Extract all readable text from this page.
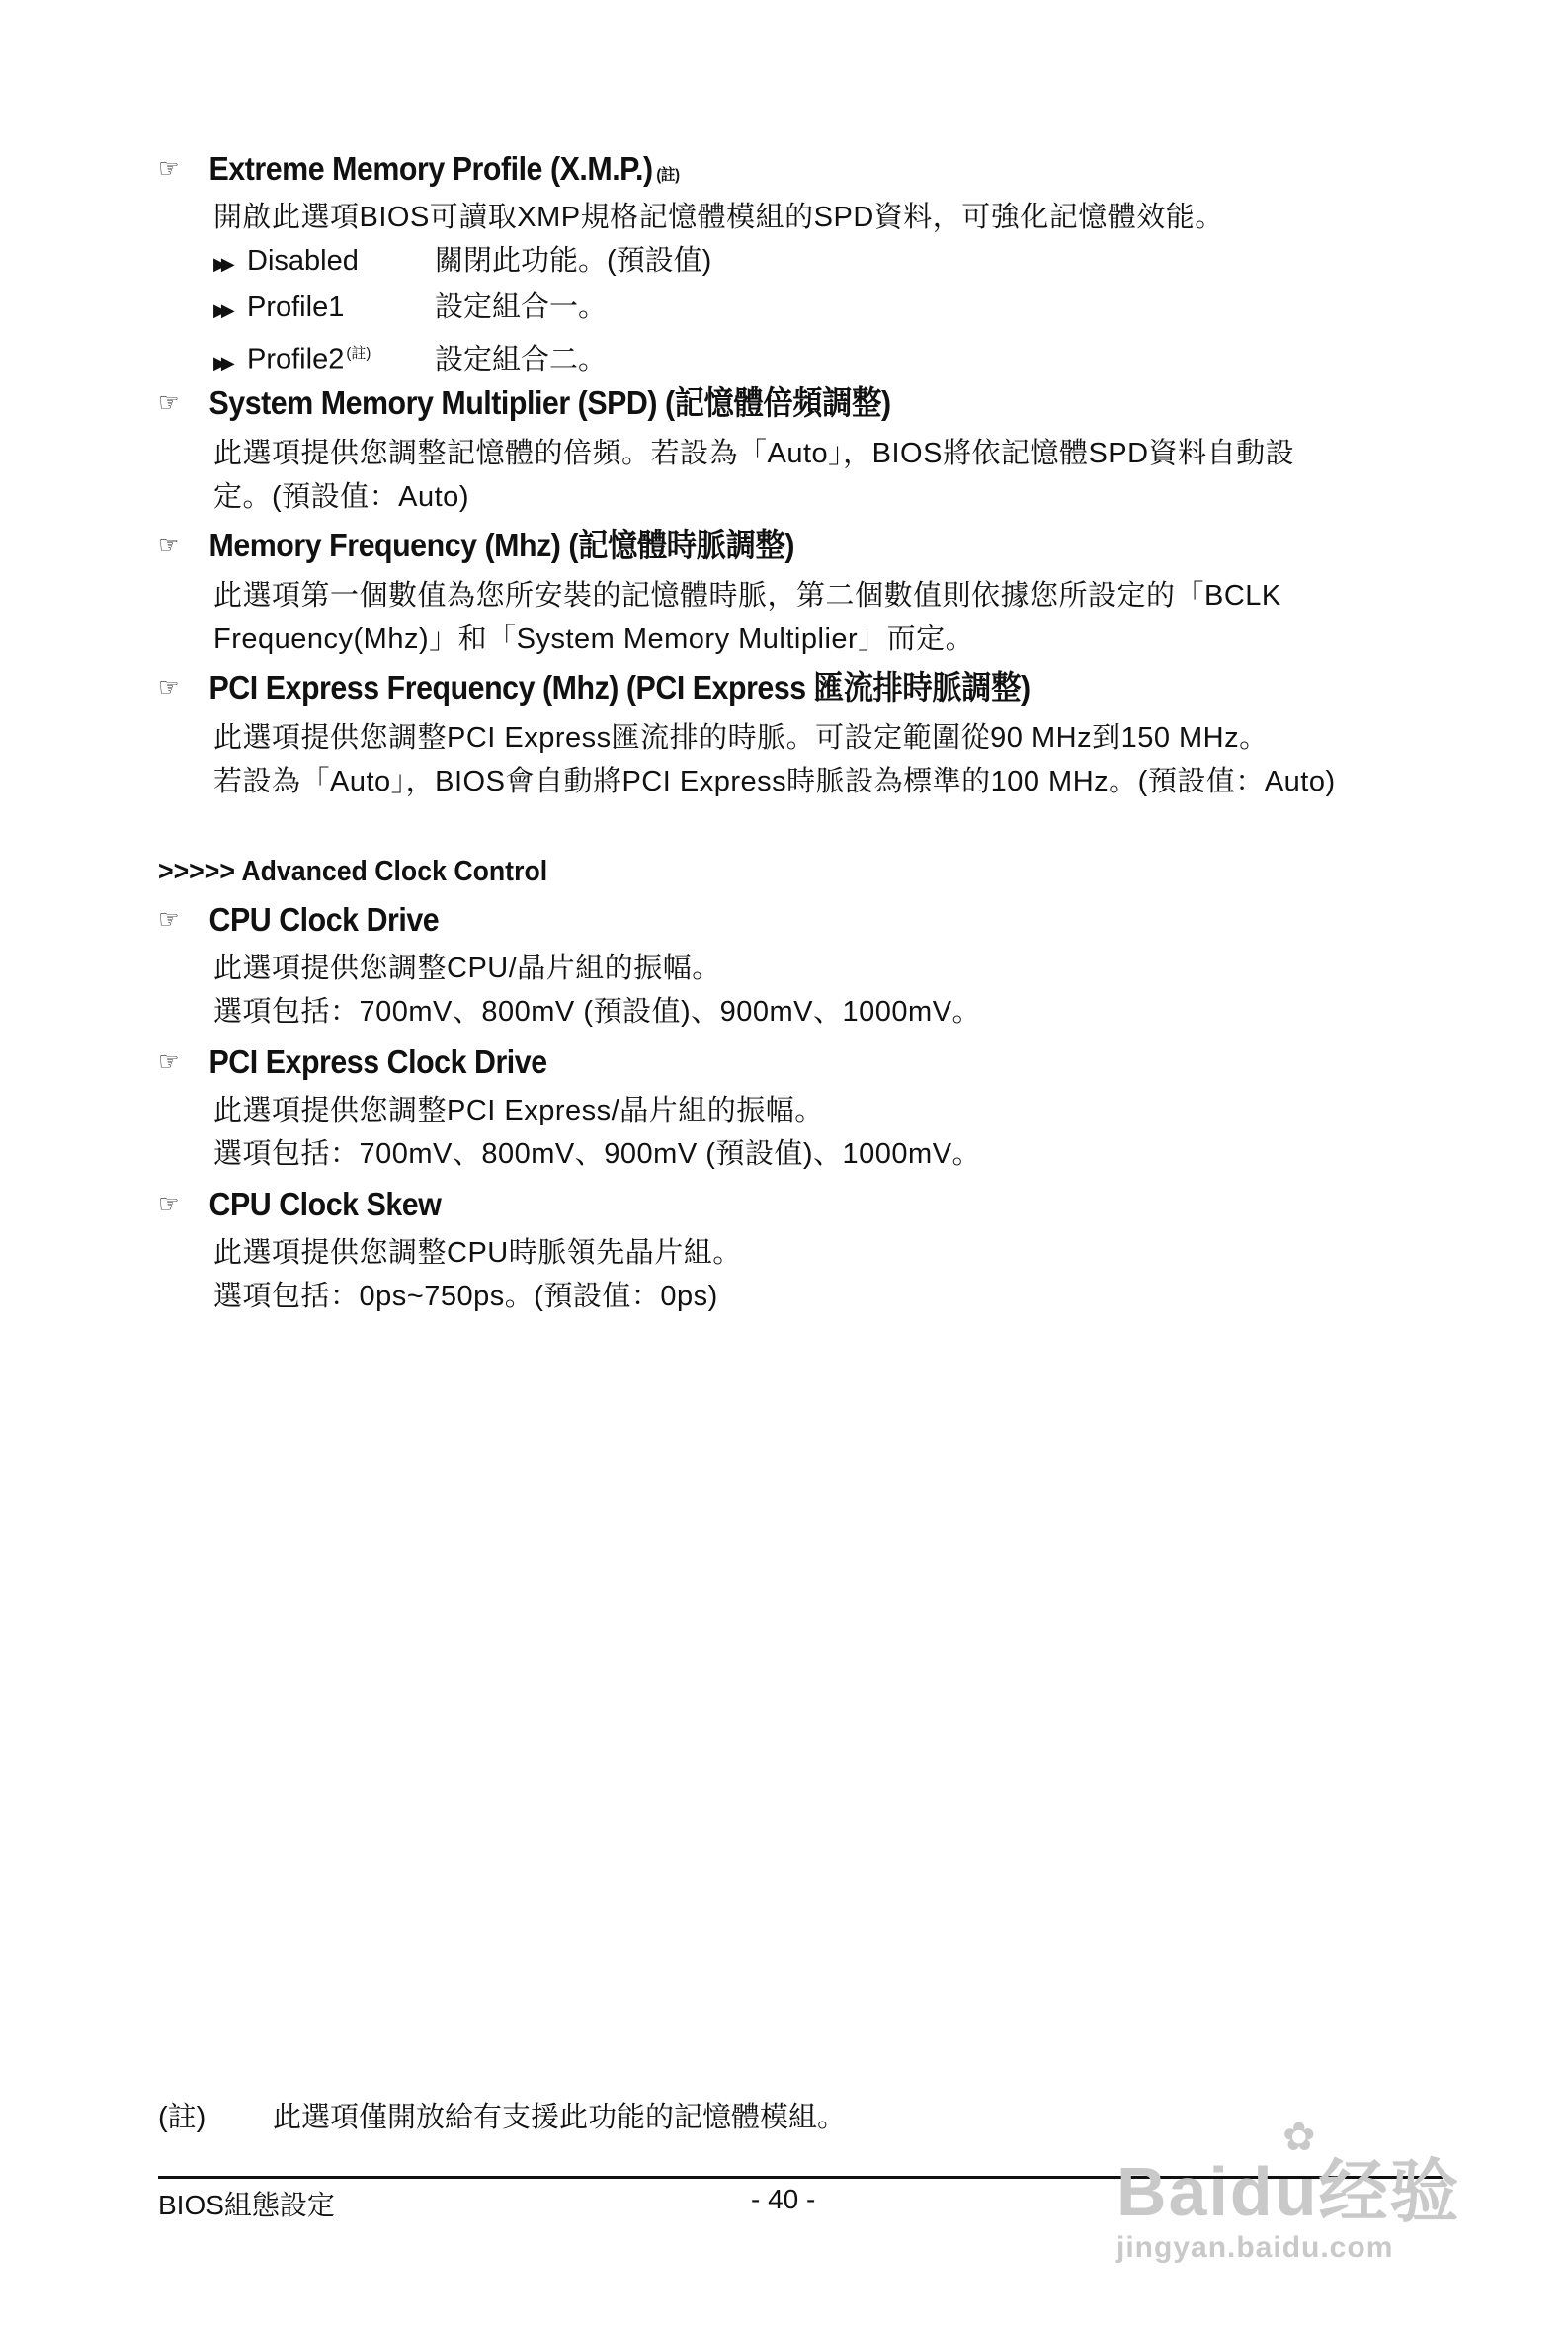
☞ Extreme Memory Profile (X.M.P.) (註)
開啟此選項BIOS可讀取XMP規格記憶體模組的SPD資料，可強化記憶體效能。
▶▶ Disabled	關閉此功能。(預設值)
▶▶ Profile1	設定組合一。
▶▶ Profile2 $^{(註)}$	設定組合二。
☞ System Memory Multiplier (SPD) (記憶體倍頻調整)
此選項提供您調整記憶體的倍頻。若設為「Auto」，BIOS將依記憶體SPD資料自動設
定。(預設值：Auto)
☞ Memory Frequency (Mhz) (記憶體時脈調整)
此選項第一個數值為您所安裝的記憶體時脈，第二個數值則依據您所設定的「BCLK
Frequency(Mhz)」和「System Memory Multiplier」而定。
☞ PCI Express Frequency (Mhz) (PCI Express 匯流排時脈調整)
此選項提供您調整PCI Express匯流排的時脈。可設定範圍從90 MHz到150 MHz。
若設為「Auto」，BIOS會自動將PCI Express時脈設為標準的100 MHz。(預設值：Auto)
>>>>> Advanced Clock Control
☞ CPU Clock Drive
此選項提供您調整CPU/晶片組的振幅。
選項包括：700mV、800mV (預設值)、900mV、1000mV。
☞ PCI Express Clock Drive
此選項提供您調整PCI Express/晶片組的振幅。
選項包括：700mV、800mV、900mV (預設值)、1000mV。
☞ CPU Clock Skew
此選項提供您調整CPU時脈領先晶片組。
選項包括：0ps~750ps。(預設值：0ps)
(註)	此選項僅開放給有支援此功能的記憶體模組。
BIOS組態設定	- 40 -
✿
Baidu经验
jingyan.baidu.com
